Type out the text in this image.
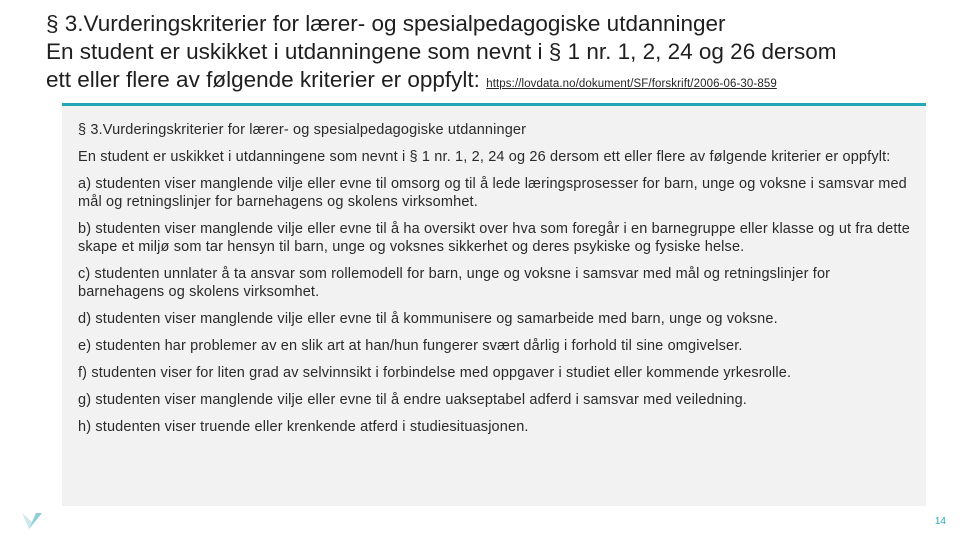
§ 3.Vurderingskriterier for lærer- og spesialpedagogiske utdanninger
En student er uskikket i utdanningene som nevnt i § 1 nr. 1, 2, 24 og 26 dersom
ett eller flere av følgende kriterier er oppfylt: https://lovdata.no/dokument/SF/forskrift/2006-06-30-859

§ 3.Vurderingskriterier for lærer- og spesialpedagogiske utdanninger

En student er uskikket i utdanningene som nevnt i § 1 nr. 1, 2, 24 og 26 dersom ett eller flere av følgende kriterier er oppfylt:

a) studenten viser manglende vilje eller evne til omsorg og til å lede læringsprosesser for barn, unge og voksne i samsvar med mål og retningslinjer for barnehagens og skolens virksomhet.

b) studenten viser manglende vilje eller evne til å ha oversikt over hva som foregår i en barnegruppe eller klasse og ut fra dette skape et miljø som tar hensyn til barn, unge og voksnes sikkerhet og deres psykiske og fysiske helse.

c) studenten unnlater å ta ansvar som rollemodell for barn, unge og voksne i samsvar med mål og retningslinjer for barnehagens og skolens virksomhet.

d) studenten viser manglende vilje eller evne til å kommunisere og samarbeide med barn, unge og voksne.

e) studenten har problemer av en slik art at han/hun fungerer svært dårlig i forhold til sine omgivelser.

f) studenten viser for liten grad av selvinnsikt i forbindelse med oppgaver i studiet eller kommende yrkesrolle.

g) studenten viser manglende vilje eller evne til å endre uakseptabel adferd i samsvar med veiledning.

h) studenten viser truende eller krenkende atferd i studiesituasjonen.

14
